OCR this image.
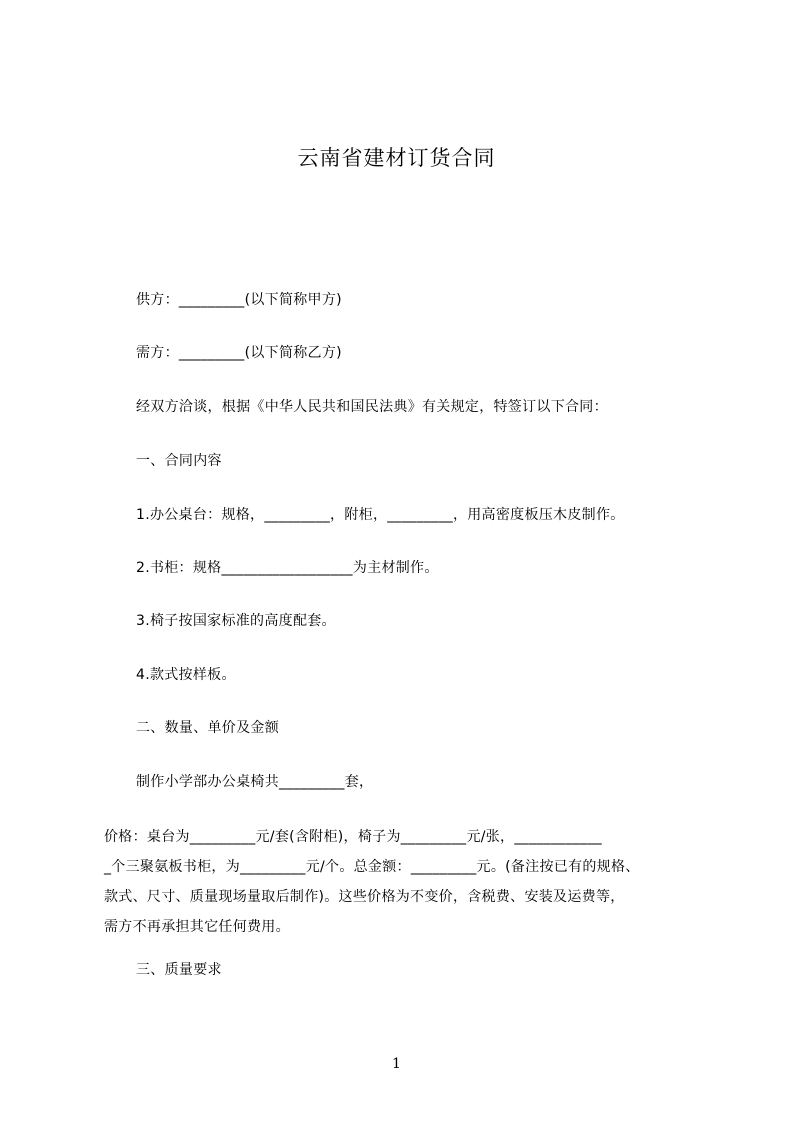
云南省建材订货合同
供方：_________(以下简称甲方)
需方：_________(以下简称乙方)
经双方洽谈，根据《中华人民共和国民法典》有关规定，特签订以下合同：
一、合同内容
1.办公桌台：规格，_________，附柜，_________，用高密度板压木皮制作。
2.书柜：规格__________________为主材制作。
3.椅子按国家标准的高度配套。
4.款式按样板。
二、数量、单价及金额
制作小学部办公桌椅共_________套，
价格：桌台为_________元/套(含附柜)，椅子为_________元/张，____________
_个三聚氨板书柜，为_________元/个。总金额：_________元。(备注按已有的规格、
款式、尺寸、质量现场量取后制作)。这些价格为不变价，含税费、安装及运费等，
需方不再承担其它任何费用。
三、质量要求
1
